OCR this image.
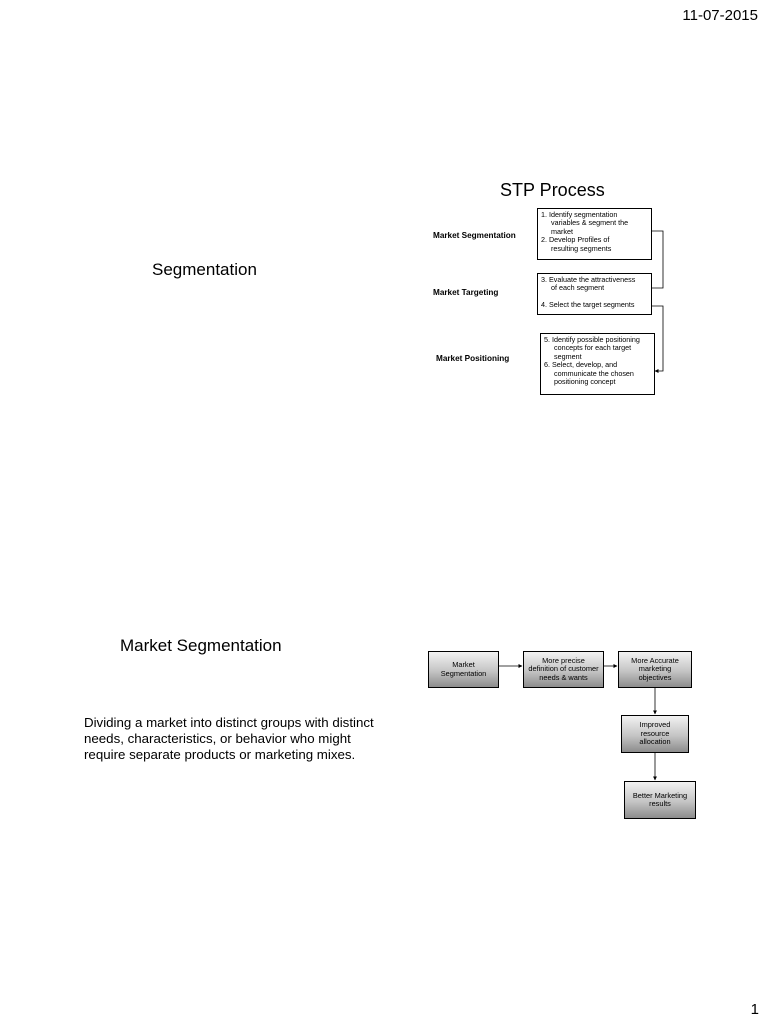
11-07-2015
Segmentation
STP Process
Market Segmentation
Market Targeting
Market Positioning

1. Identify segmentation

variables & segment the

market

2. Develop Profiles of

resulting segments

3. Evaluate the attractiveness

of each segment

4. Select the target segments

5. Identify possible positioning

concepts for each target

segment

6. Select, develop, and

communicate the chosen

positioning concept

Market Segmentation
Dividing a market into distinct groups with distinct needs, characteristics, or behavior who might require separate products or marketing mixes.
Market Segmentation
More precise definition of customer needs & wants
More Accurate marketing objectives
Improved resource allocation
Better Marketing results
1
